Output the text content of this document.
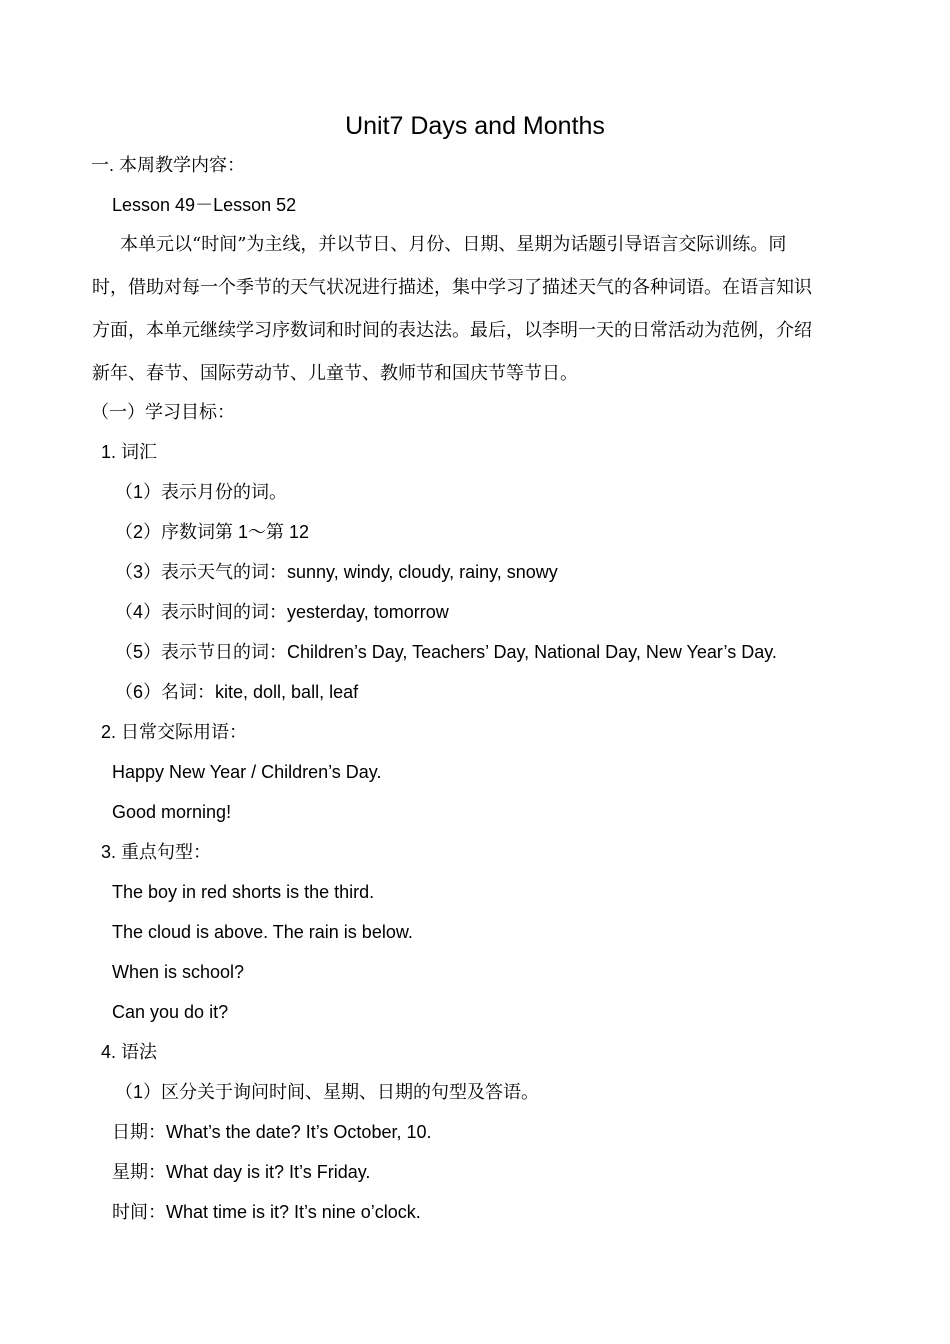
Unit7 Days and Months
一. 本周教学内容：
Lesson 49－Lesson 52
本单元以“时间”为主线，并以节日、月份、日期、星期为话题引导语言交际训练。同
时，借助对每一个季节的天气状况进行描述，集中学习了描述天气的各种词语。在语言知识
方面，本单元继续学习序数词和时间的表达法。最后，以李明一天的日常活动为范例，介绍
新年、春节、国际劳动节、儿童节、教师节和国庆节等节日。
（一）学习目标：
1. 词汇
（1）表示月份的词。
（2）序数词第 1～第 12
（3）表示天气的词：sunny, windy, cloudy, rainy, snowy
（4）表示时间的词：yesterday, tomorrow
（5）表示节日的词：Children’s Day, Teachers’ Day, National Day, New Year’s Day.
（6）名词：kite, doll, ball, leaf
2. 日常交际用语：
Happy New Year / Children’s Day.
Good morning!
3. 重点句型：
The boy in red shorts is the third.
The cloud is above. The rain is below.
When is school?
Can you do it?
4. 语法
（1）区分关于询问时间、星期、日期的句型及答语。
日期：What’s the date? It’s October, 10.
星期：What day is it? It’s Friday.
时间：What time is it? It’s nine o’clock.
